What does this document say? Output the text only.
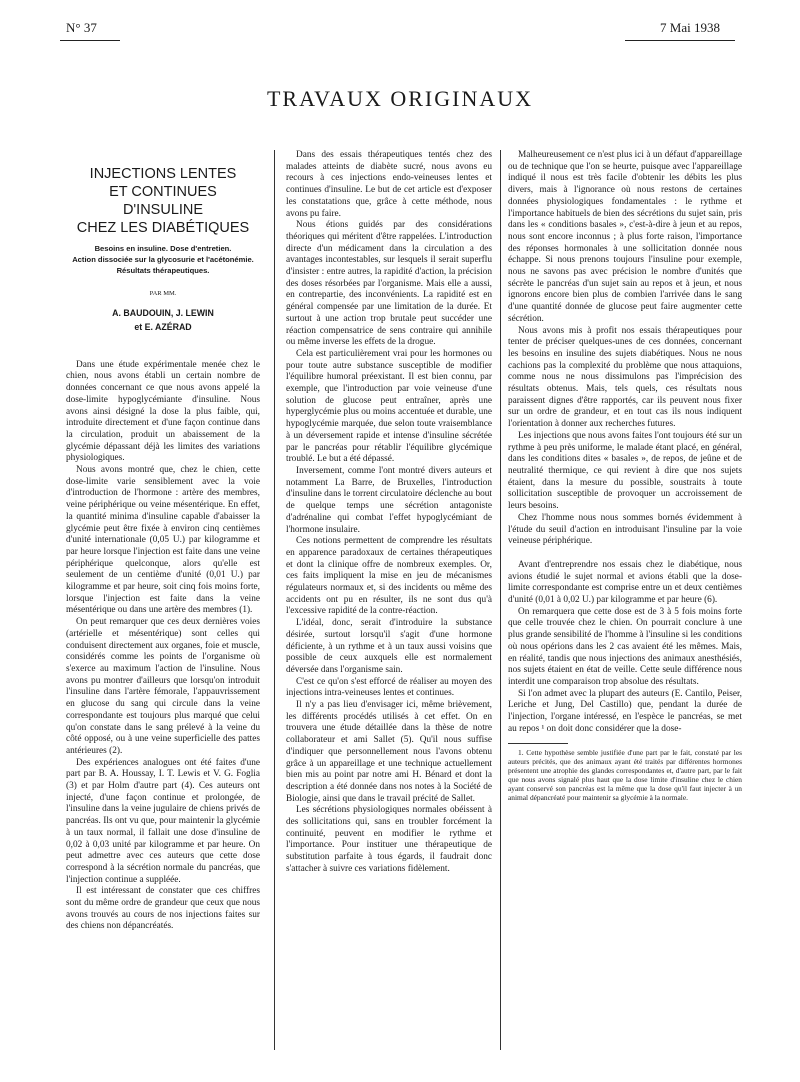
N° 37	7 Mai 1938
TRAVAUX ORIGINAUX
INJECTIONS LENTES
ET CONTINUES
D'INSULINE
CHEZ LES DIABÉTIQUES
Besoins en insuline. Dose d'entretien.
Action dissociée sur la glycosurie et l'acétonémie.
Résultats thérapeutiques.
PAR MM.
A. BAUDOUIN, J. LEWIN
et E. AZÉRAD

Dans une étude expérimentale menée chez le chien, nous avons établi un certain nombre de données concernant ce que nous avons appelé la dose-limite hypoglycémiante d'insuline. Nous avons ainsi désigné la dose la plus faible, qui, introduite directement et d'une façon continue dans la circulation, produit un abaissement de la glycémie dépassant déjà les limites des variations physiologiques.

Nous avons montré que, chez le chien, cette dose-limite varie sensiblement avec la voie d'introduction de l'hormone : artère des membres, veine périphérique ou veine mésentérique. En effet, la quantité minima d'insuline capable d'abaisser la glycémie peut être fixée à environ cinq centièmes d'unité internationale (0,05 U.) par kilogramme et par heure lorsque l'injection est faite dans une veine périphérique quelconque, alors qu'elle est seulement de un centième d'unité (0,01 U.) par kilogramme et par heure, soit cinq fois moins forte, lorsque l'injection est faite dans la veine mésentérique ou dans une artère des membres (1).

On peut remarquer que ces deux dernières voies (artérielle et mésentérique) sont celles qui conduisent directement aux organes, foie et muscle, considérés comme les points de l'organisme où s'exerce au maximum l'action de l'insuline. Nous avons pu montrer d'ailleurs que lorsqu'on introduit l'insuline dans l'artère fémorale, l'appauvrissement en glucose du sang qui circule dans la veine correspondante est toujours plus marqué que celui qu'on constate dans le sang prélevé à la veine du côté opposé, ou à une veine superficielle des pattes antérieures (2).

Des expériences analogues ont été faites d'une part par B. A. Houssay, I. T. Lewis et V. G. Foglia (3) et par Holm d'autre part (4). Ces auteurs ont injecté, d'une façon continue et prolongée, de l'insuline dans la veine jugulaire de chiens privés de pancréas. Ils ont vu que, pour maintenir la glycémie à un taux normal, il fallait une dose d'insuline de 0,02 à 0,03 unité par kilogramme et par heure. On peut admettre avec ces auteurs que cette dose correspond à la sécrétion normale du pancréas, que l'injection continue a suppléée.

Il est intéressant de constater que ces chiffres sont du même ordre de grandeur que ceux que nous avons trouvés au cours de nos injections faites sur des chiens non dépancréatés.

Dans des essais thérapeutiques tentés chez des malades atteints de diabète sucré, nous avons eu recours à ces injections endo-veineuses lentes et continues d'insuline. Le but de cet article est d'exposer les constatations que, grâce à cette méthode, nous avons pu faire.

Nous étions guidés par des considérations théoriques qui méritent d'être rappelées. L'introduction directe d'un médicament dans la circulation a des avantages incontestables, sur lesquels il serait superflu d'insister : entre autres, la rapidité d'action, la précision des doses résorbées par l'organisme. Mais elle a aussi, en contrepartie, des inconvénients. La rapidité est en général compensée par une limitation de la durée. Et surtout à une action trop brutale peut succéder une réaction compensatrice de sens contraire qui annihile ou même inverse les effets de la drogue.

Cela est particulièrement vrai pour les hormones ou pour toute autre substance susceptible de modifier l'équilibre humoral préexistant. Il est bien connu, par exemple, que l'introduction par voie veineuse d'une solution de glucose peut entraîner, après une hyperglycémie plus ou moins accentuée et durable, une hypoglycémie marquée, due selon toute vraisemblance à un déversement rapide et intense d'insuline sécrétée par le pancréas pour rétablir l'équilibre glycémique troublé. Le but a été dépassé.

Inversement, comme l'ont montré divers auteurs et notamment La Barre, de Bruxelles, l'introduction d'insuline dans le torrent circulatoire déclenche au bout de quelque temps une sécrétion antagoniste d'adrénaline qui combat l'effet hypoglycémiant de l'hormone insulaire.

Ces notions permettent de comprendre les résultats en apparence paradoxaux de certaines thérapeutiques et dont la clinique offre de nombreux exemples. Or, ces faits impliquent la mise en jeu de mécanismes régulateurs normaux et, si des incidents ou même des accidents ont pu en résulter, ils ne sont dus qu'à l'excessive rapidité de la contre-réaction.

L'idéal, donc, serait d'introduire la substance désirée, surtout lorsqu'il s'agit d'une hormone déficiente, à un rythme et à un taux aussi voisins que possible de ceux auxquels elle est normalement déversée dans l'organisme sain.

C'est ce qu'on s'est efforcé de réaliser au moyen des injections intra-veineuses lentes et continues.

Il n'y a pas lieu d'envisager ici, même brièvement, les différents procédés utilisés à cet effet. On en trouvera une étude détaillée dans la thèse de notre collaborateur et ami Sallet (5). Qu'il nous suffise d'indiquer que personnellement nous l'avons obtenu grâce à un appareillage et une technique actuellement bien mis au point par notre ami H. Bénard et dont la description a été donnée dans nos notes à la Société de Biologie, ainsi que dans le travail précité de Sallet.

Les sécrétions physiologiques normales obéissent à des sollicitations qui, sans en troubler forcément la continuité, peuvent en modifier le rythme et l'importance. Pour instituer une thérapeutique de substitution parfaite à tous égards, il faudrait donc s'attacher à suivre ces variations fidèlement.

Malheureusement ce n'est plus ici à un défaut d'appareillage ou de technique que l'on se heurte, puisque avec l'appareillage indiqué il nous est très facile d'obtenir les débits les plus divers, mais à l'ignorance où nous restons de certaines données physiologiques fondamentales : le rythme et l'importance habituels de bien des sécrétions du sujet sain, pris dans les « conditions basales », c'est-à-dire à jeun et au repos, nous sont encore inconnus ; à plus forte raison, l'importance des réponses hormonales à une sollicitation donnée nous échappe. Si nous prenons toujours l'insuline pour exemple, nous ne savons pas avec précision le nombre d'unités que sécrète le pancréas d'un sujet sain au repos et à jeun, et nous ignorons encore bien plus de combien l'arrivée dans le sang d'une quantité donnée de glucose peut faire augmenter cette sécrétion.

Nous avons mis à profit nos essais thérapeutiques pour tenter de préciser quelques-unes de ces données, concernant les besoins en insuline des sujets diabétiques. Nous ne nous cachions pas la complexité du problème que nous attaquions, comme nous ne nous dissimulons pas l'imprécision des résultats obtenus. Mais, tels quels, ces résultats nous paraissent dignes d'être rapportés, car ils peuvent nous fixer sur un ordre de grandeur, et en tout cas ils nous indiquent l'orientation à donner aux recherches futures.

Les injections que nous avons faites l'ont toujours été sur un rythme à peu près uniforme, le malade étant placé, en général, dans les conditions dites « basales », de repos, de jeûne et de neutralité thermique, ce qui revient à dire que nos sujets étaient, dans la mesure du possible, soustraits à toute sollicitation susceptible de provoquer un accroissement de leurs besoins.

Chez l'homme nous nous sommes bornés évidemment à l'étude du seuil d'action en introduisant l'insuline par la voie veineuse périphérique.

Avant d'entreprendre nos essais chez le diabétique, nous avions étudié le sujet normal et avions établi que la dose-limite correspondante est comprise entre un et deux centièmes d'unité (0,01 à 0,02 U.) par kilogramme et par heure (6).

On remarquera que cette dose est de 3 à 5 fois moins forte que celle trouvée chez le chien. On pourrait conclure à une plus grande sensibilité de l'homme à l'insuline si les conditions où nous opérions dans les 2 cas avaient été les mêmes. Mais, en réalité, tandis que nous injections des animaux anesthésiés, nos sujets étaient en état de veille. Cette seule différence nous interdit une comparaison trop absolue des résultats.

Si l'on admet avec la plupart des auteurs (E. Cantilo, Peiser, Leriche et Jung, Del Castillo) que, pendant la durée de l'injection, l'organe intéressé, en l'espèce le pancréas, se met au repos ¹ on doit donc considérer que la dose-

1. Cette hypothèse semble justifiée d'une part par le fait, constaté par les auteurs précités, que des animaux ayant été traités par différentes hormones présentent une atrophie des glandes correspondantes et, d'autre part, par le fait que nous avons signalé plus haut que la dose limite d'insuline chez le chien ayant conservé son pancréas est la même que la dose qu'il faut injecter à un animal dépancréaté pour maintenir sa glycémie à la normale.
